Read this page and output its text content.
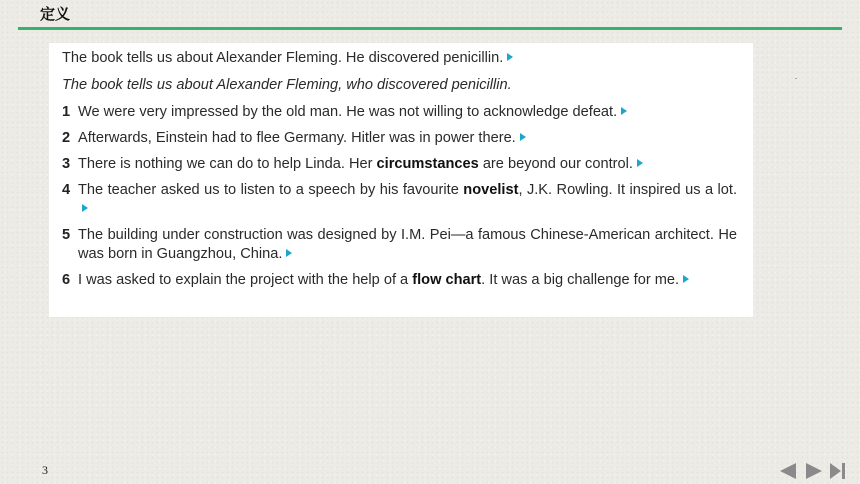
定义

The book tells us about Alexander Fleming. He discovered penicillin.

The book tells us about Alexander Fleming, who discovered penicillin.

1 We were very impressed by the old man. He was not willing to acknowledge defeat.
2 Afterwards, Einstein had to flee Germany. Hitler was in power there.
3 There is nothing we can do to help Linda. Her circumstances are beyond our control.
4 The teacher asked us to listen to a speech by his favourite novelist, J.K. Rowling. It inspired us a lot.
5 The building under construction was designed by I.M. Pei—a famous Chinese-American architect. He was born in Guangzhou, China.
6 I was asked to explain the project with the help of a flow chart. It was a big challenge for me.
3
